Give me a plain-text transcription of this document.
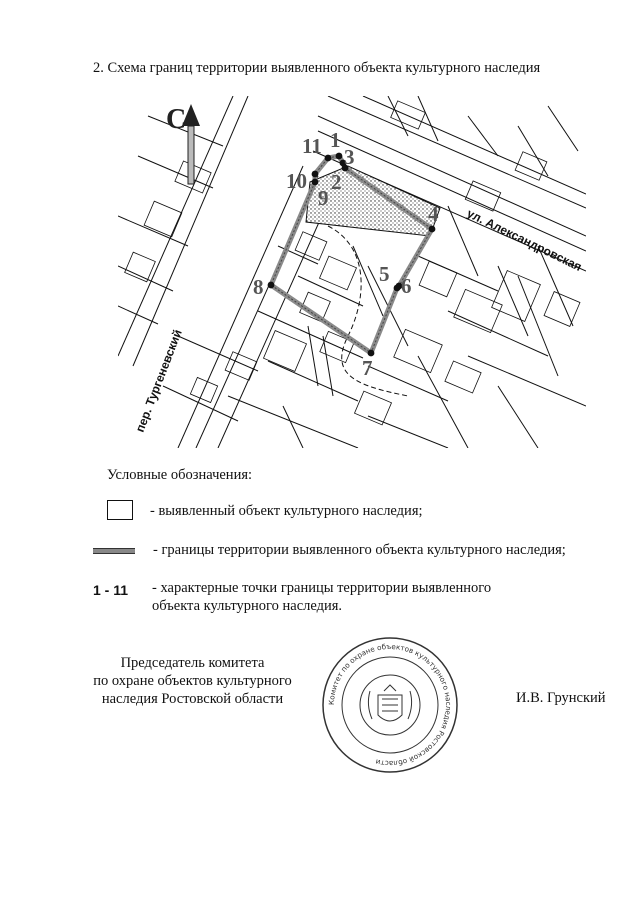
2. Схема границ территории выявленного объекта культурного наследия
С
ул. Александровская
пер. Тургеневский
1
2
3
4
5 6
7
8
9
10
11
Условные обозначения:
- выявленный объект культурного наследия;
- границы территории выявленного объекта культурного наследия;
1 - 11 - характерные точки границы территории выявленного
объекта культурного наследия.
Председатель комитета
по охране объектов культурного
наследия Ростовской области	Комитет по охране объектов культурного наследия Ростовской области
И.В. Грунский
